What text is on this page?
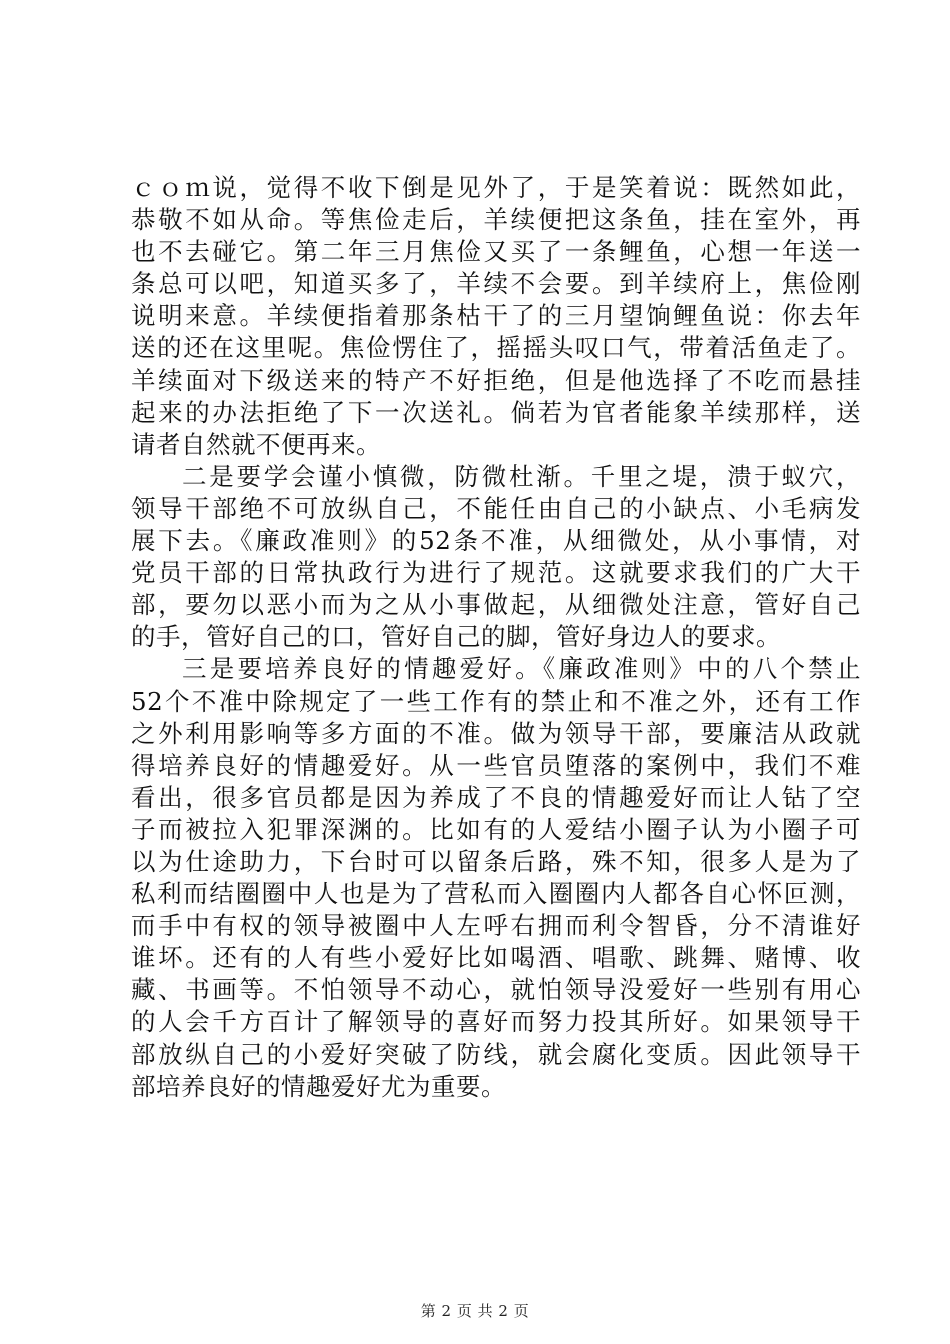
ｃｏｍ说，觉得不收下倒是见外了，于是笑着说：既然如此，
恭敬不如从命。等焦俭走后，羊续便把这条鱼，挂在室外，再
也不去碰它。第二年三月焦俭又买了一条鲤鱼，心想一年送一
条总可以吧，知道买多了，羊续不会要。到羊续府上，焦俭刚
说明来意。羊续便指着那条枯干了的三月望饷鲤鱼说：你去年
送的还在这里呢。焦俭愣住了，摇摇头叹口气，带着活鱼走了。
羊续面对下级送来的特产不好拒绝，但是他选择了不吃而悬挂
起来的办法拒绝了下一次送礼。倘若为官者能象羊续那样，送
请者自然就不便再来。
二是要学会谨小慎微，防微杜渐。千里之堤，溃于蚁穴，
领导干部绝不可放纵自己，不能任由自己的小缺点、小毛病发
展下去。《廉政准则》的52条不准，从细微处，从小事情，对
党员干部的日常执政行为进行了规范。这就要求我们的广大干
部，要勿以恶小而为之从小事做起，从细微处注意，管好自己
的手，管好自己的口，管好自己的脚，管好身边人的要求。
三是要培养良好的情趣爱好。《廉政准则》中的八个禁止
52个不准中除规定了一些工作有的禁止和不准之外，还有工作
之外利用影响等多方面的不准。做为领导干部，要廉洁从政就
得培养良好的情趣爱好。从一些官员堕落的案例中，我们不难
看出，很多官员都是因为养成了不良的情趣爱好而让人钻了空
子而被拉入犯罪深渊的。比如有的人爱结小圈子认为小圈子可
以为仕途助力，下台时可以留条后路，殊不知，很多人是为了
私利而结圈圈中人也是为了营私而入圈圈内人都各自心怀叵测，
而手中有权的领导被圈中人左呼右拥而利令智昏，分不清谁好
谁坏。还有的人有些小爱好比如喝酒、唱歌、跳舞、赌博、收
藏、书画等。不怕领导不动心，就怕领导没爱好一些别有用心
的人会千方百计了解领导的喜好而努力投其所好。如果领导干
部放纵自己的小爱好突破了防线，就会腐化变质。因此领导干
部培养良好的情趣爱好尤为重要。
第 2 页 共 2 页
